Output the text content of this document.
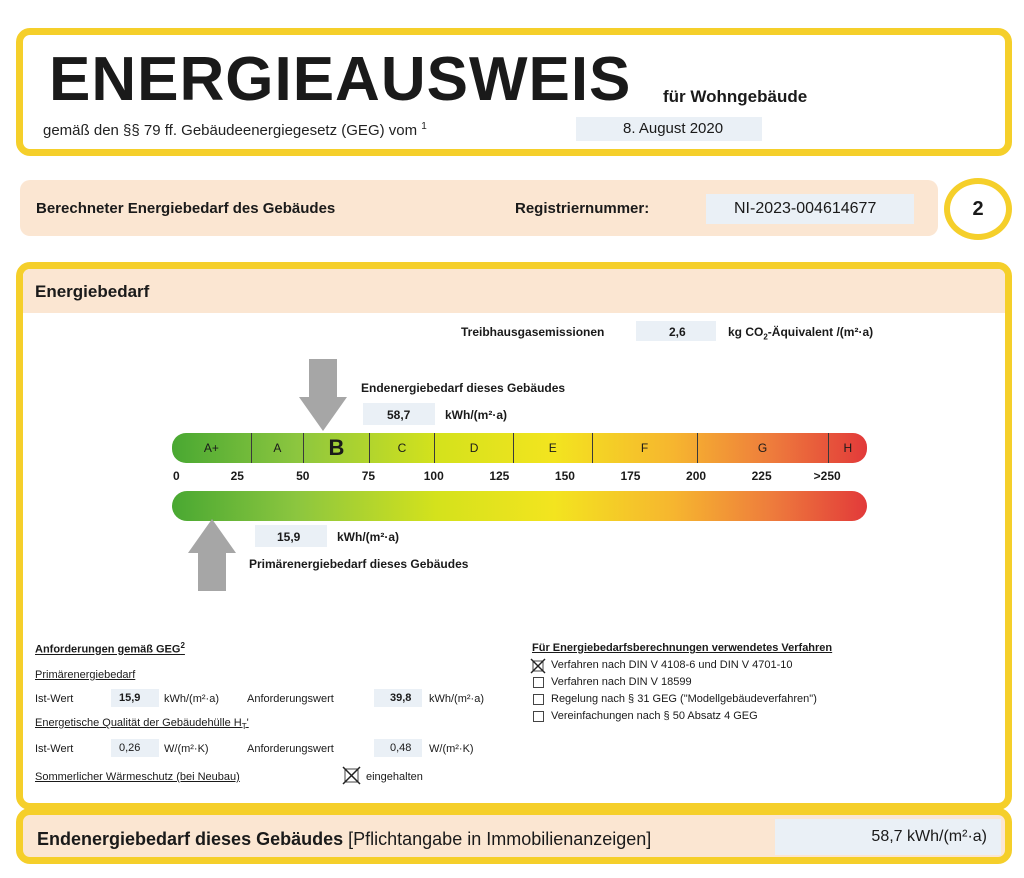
ENERGIEAUSWEIS für Wohngebäude
gemäß den §§ 79 ff. Gebäudeenergiegesetz (GEG) vom $^1$	8. August 2020
Berechneter Energiebedarf des Gebäudes	Registriernummer:	NI-2023-004614677	2
Energiebedarf
Treibhausgasemissionen	2,6	kg $CO_2$-Äquivalent /(m²·a)
Endenergiebedarf dieses Gebäudes
58,7	kWh/(m²·a)
A+	A	B	C	D	E	F	G	H
0	25	50	75	100	125	150	175	200	225	>250
15,9	kWh/(m²·a)
Primärenergiebedarf dieses Gebäudes
Anforderungen gemäß GEG$^2$
Primärenergiebedarf
Ist-Wert	15,9	kWh/(m²·a)	Anforderungswert	39,8	kWh/(m²·a)
Energetische Qualität der Gebäudehülle $H_T'$
Ist-Wert	0,26	W/(m²·K)	Anforderungswert	0,48	W/(m²·K)
Sommerlicher Wärmeschutz (bei Neubau)	eingehalten
Für Energiebedarfsberechnungen verwendetes Verfahren
Verfahren nach DIN V 4108-6 und DIN V 4701-10
Verfahren nach DIN V 18599
Regelung nach § 31 GEG ("Modellgebäudeverfahren")
Vereinfachungen nach § 50 Absatz 4 GEG
Endenergiebedarf dieses Gebäudes [Pflichtangabe in Immobilienanzeigen]	58,7 kWh/(m²·a)
